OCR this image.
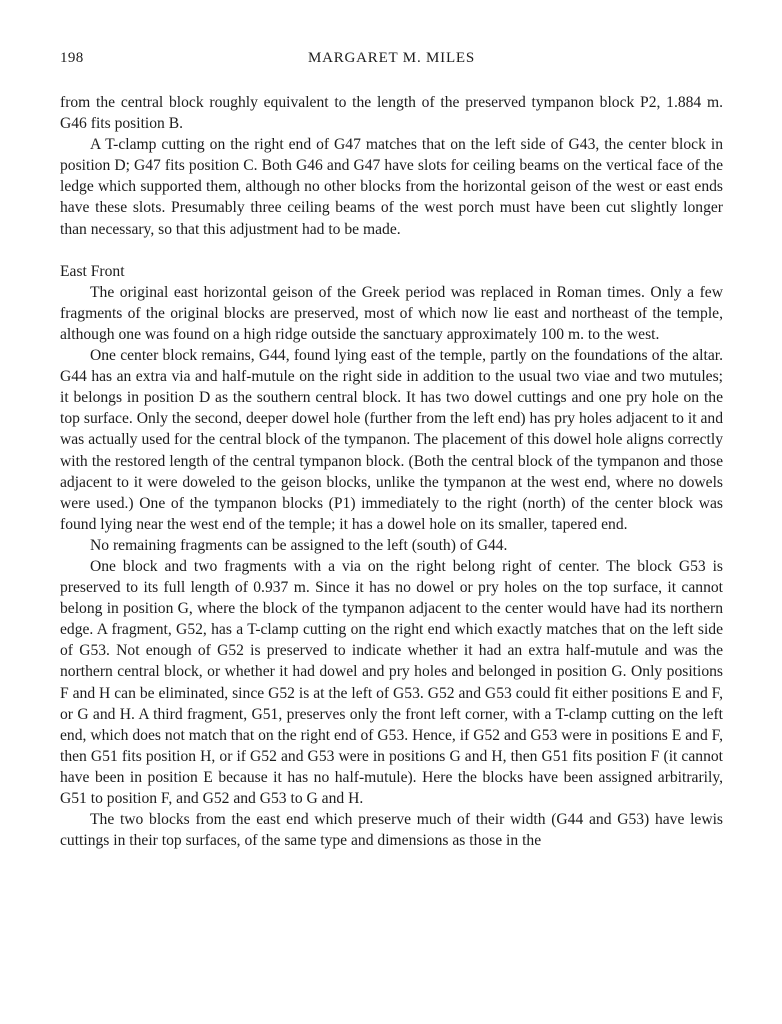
198	MARGARET M. MILES

from the central block roughly equivalent to the length of the preserved tympanon block P2, 1.884 m. G46 fits position B.

A T-clamp cutting on the right end of G47 matches that on the left side of G43, the center block in position D; G47 fits position C. Both G46 and G47 have slots for ceiling beams on the vertical face of the ledge which supported them, although no other blocks from the horizontal geison of the west or east ends have these slots. Presumably three ceiling beams of the west porch must have been cut slightly longer than necessary, so that this adjustment had to be made.

East Front

The original east horizontal geison of the Greek period was replaced in Roman times. Only a few fragments of the original blocks are preserved, most of which now lie east and northeast of the temple, although one was found on a high ridge outside the sanctuary approximately 100 m. to the west.

One center block remains, G44, found lying east of the temple, partly on the foundations of the altar. G44 has an extra via and half-mutule on the right side in addition to the usual two viae and two mutules; it belongs in position D as the southern central block. It has two dowel cuttings and one pry hole on the top surface. Only the second, deeper dowel hole (further from the left end) has pry holes adjacent to it and was actually used for the central block of the tympanon. The placement of this dowel hole aligns correctly with the restored length of the central tympanon block. (Both the central block of the tympanon and those adjacent to it were doweled to the geison blocks, unlike the tympanon at the west end, where no dowels were used.) One of the tympanon blocks (P1) immediately to the right (north) of the center block was found lying near the west end of the temple; it has a dowel hole on its smaller, tapered end.

No remaining fragments can be assigned to the left (south) of G44.

One block and two fragments with a via on the right belong right of center. The block G53 is preserved to its full length of 0.937 m. Since it has no dowel or pry holes on the top surface, it cannot belong in position G, where the block of the tympanon adjacent to the center would have had its northern edge. A fragment, G52, has a T-clamp cutting on the right end which exactly matches that on the left side of G53. Not enough of G52 is preserved to indicate whether it had an extra half-mutule and was the northern central block, or whether it had dowel and pry holes and belonged in position G. Only positions F and H can be eliminated, since G52 is at the left of G53. G52 and G53 could fit either positions E and F, or G and H. A third fragment, G51, preserves only the front left corner, with a T-clamp cutting on the left end, which does not match that on the right end of G53. Hence, if G52 and G53 were in positions E and F, then G51 fits position H, or if G52 and G53 were in positions G and H, then G51 fits position F (it cannot have been in position E because it has no half-mutule). Here the blocks have been assigned arbitrarily, G51 to position F, and G52 and G53 to G and H.

The two blocks from the east end which preserve much of their width (G44 and G53) have lewis cuttings in their top surfaces, of the same type and dimensions as those in the
